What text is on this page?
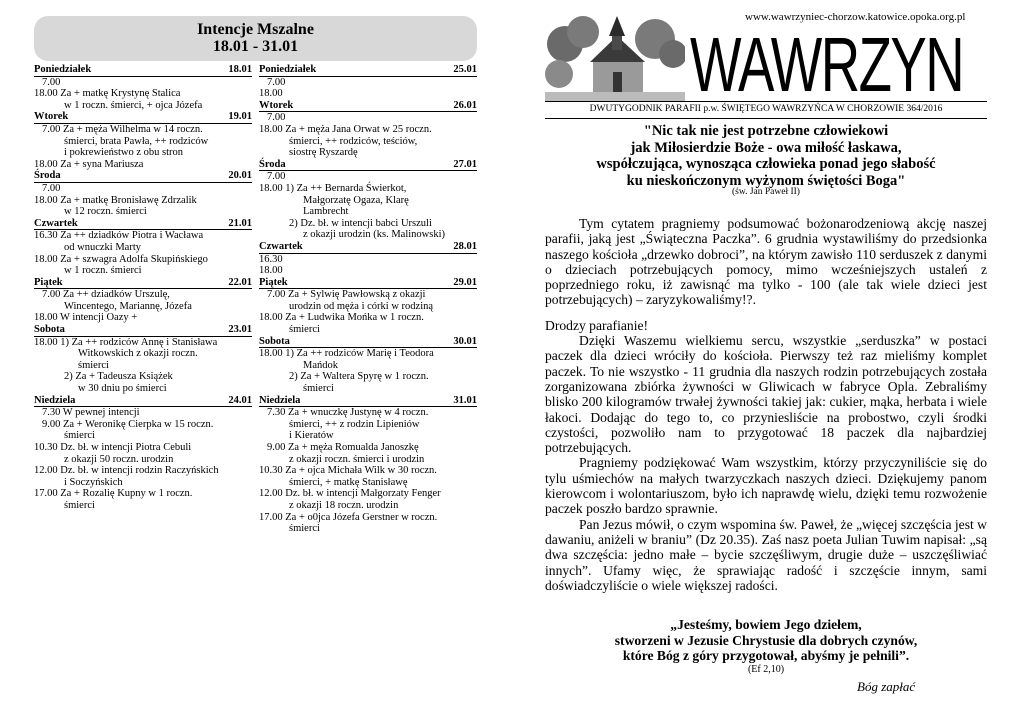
Intencje Mszalne
18.01 - 31.01
Poniedziałek	18.01
7.00
18.00 Za + matkę Krystynę Stalica
w 1 roczn. śmierci, + ojca Józefa
Wtorek	19.01
7.00 Za + męża Wilhelma w 14 roczn.
śmierci, brata Pawła, ++ rodziców
i pokrewieństwo z obu stron
18.00 Za + syna Mariusza
Środa	20.01
7.00
18.00 Za + matkę Bronisławę Zdrzalik
w 12 roczn. śmierci
Czwartek	21.01
16.30 Za ++ dziadków Piotra i Wacława
od wnuczki Marty
18.00 Za + szwagra Adolfa Skupińskiego
w 1 roczn. śmierci
Piątek	22.01
7.00 Za ++ dziadków Urszulę,
Wincentego, Mariannę, Józefa
18.00 W intencji Oazy +
Sobota	23.01
18.00 1) Za ++ rodziców Annę i Stanisława
Witkowskich z okazji roczn.
śmierci
2) Za + Tadeusza Książek
w 30 dniu po śmierci
Niedziela	24.01
7.30 W pewnej intencji
9.00 Za + Weronikę Cierpka w 15 roczn.
śmierci
10.30 Dz. bł. w intencji Piotra Cebuli
z okazji 50 roczn. urodzin
12.00 Dz. bł. w intencji rodzin Raczyńskich
i Soczyńskich
17.00 Za + Rozalię Kupny w 1 roczn.
śmierci
Poniedziałek	25.01
7.00
18.00
Wtorek	26.01
7.00
18.00 Za + męża Jana Orwat w 25 roczn.
śmierci, ++ rodziców, teściów,
siostrę Ryszardę
Środa	27.01
7.00
18.00 1) Za ++ Bernarda Świerkot,
Małgorzatę Ogaza, Klarę
Lambrecht
2) Dz. bł. w intencji babci Urszuli
z okazji urodzin (ks. Malinowski)
Czwartek	28.01
16.30
18.00
Piątek	29.01
7.00 Za + Sylwię Pawłowską z okazji
urodzin od męża i córki w rodziną
18.00 Za + Ludwika Mońka w 1 roczn.
śmierci
Sobota	30.01
18.00 1) Za ++ rodziców Marię i Teodora
Mańdok
2) Za + Waltera Spyrę w 1 roczn.
śmierci
Niedziela	31.01
7.30 Za + wnuczkę Justynę w 4 roczn.
śmierci, ++ z rodzin Lipieniów
i Kieratów
9.00 Za + męża Romualda Janoszkę
z okazji roczn. śmierci i urodzin
10.30 Za + ojca Michała Wilk w 30 roczn.
śmierci, + matkę Stanisławę
12.00 Dz. bł. w intencji Małgorzaty Fenger
z okazji 18 roczn. urodzin
17.00 Za + o0jca Józefa Gerstner w roczn.
śmierci
www.wawrzyniec-chorzow.katowice.opoka.org.pl
WAWRZYN
DWUTYGODNIK PARAFII p.w. ŚWIĘTEGO WAWRZYŃCA W CHORZOWIE 364/2016
"Nic tak nie jest potrzebne człowiekowi
jak Miłosierdzie Boże - owa miłość łaskawa,
współczująca, wynosząca człowieka ponad jego słabość
ku nieskończonym wyżynom świętości Boga"
(św. Jan Paweł II)

Tym cytatem pragniemy podsumować bożonarodzeniową akcję naszej parafii, jaką jest „Świąteczna Paczka”. 6 grudnia wystawiliśmy do przedsionka naszego kościoła „drzewko dobroci”, na którym zawisło 110 serduszek z danymi o dzieciach potrzebujących pomocy, mimo wcześniejszych ustaleń z poprzedniego roku, iż zawisnąć ma tylko - 100 (ale tak wiele dzieci jest potrzebujących) – zaryzykowaliśmy!?.

Drodzy parafianie!

Dzięki Waszemu wielkiemu sercu, wszystkie „serduszka” w postaci paczek dla dzieci wróciły do kościoła. Pierwszy też raz mieliśmy komplet paczek. To nie wszystko - 11 grudnia dla naszych rodzin potrzebujących została zorganizowana zbiórka żywności w Gliwicach w fabryce Opla. Zebraliśmy blisko 200 kilogramów trwałej żywności takiej jak: cukier, mąka, herbata i wiele łakoci. Dodając do tego to, co przyniesliście na probostwo, czyli środki czystości, pozwoliło nam to przygotować 18 paczek dla najbardziej potrzebujących.

Pragniemy podziękować Wam wszystkim, którzy przyczyniliście się do tylu uśmiechów na małych twarzyczkach naszych dzieci. Dziękujemy panom kierowcom i wolontariuszom, było ich naprawdę wielu, dzięki temu rozwożenie paczek poszło bardzo sprawnie.

Pan Jezus mówił, o czym wspomina św. Paweł, że „więcej szczęścia jest w dawaniu, aniżeli w braniu” (Dz 20.35). Zaś nasz poeta Julian Tuwim napisał: „są dwa szczęścia: jedno małe – bycie szczęśliwym, drugie duże – uszczęśliwiać innych”. Ufamy więc, że sprawiając radość i szczęście innym, sami doświadczyliście o wiele większej radości.

„Jesteśmy, bowiem Jego dziełem,
stworzeni w Jezusie Chrystusie dla dobrych czynów,
które Bóg z góry przygotował, abyśmy je pełnili”.
(Ef 2,10)
Bóg zapłać
